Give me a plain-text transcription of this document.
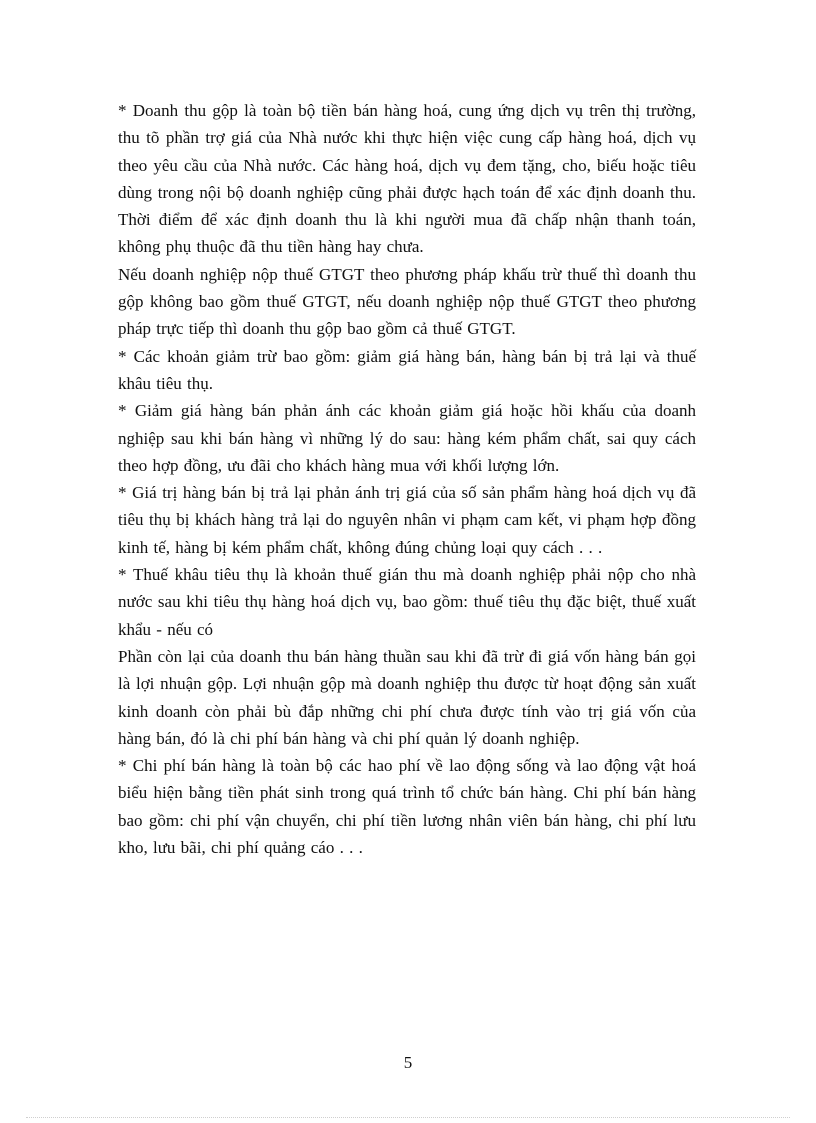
* Doanh thu gộp là toàn bộ tiền bán hàng hoá, cung ứng dịch vụ trên thị trường, thu tõ phần trợ giá của Nhà nước khi thực hiện việc cung cấp hàng hoá, dịch vụ theo yêu cầu của Nhà nước. Các hàng hoá, dịch vụ đem tặng, cho, biếu hoặc tiêu dùng trong nội bộ doanh nghiệp cũng phải được hạch toán để xác định doanh thu. Thời điểm để xác định doanh thu là khi người mua đã chấp nhận thanh toán, không phụ thuộc đã thu tiền hàng hay chưa.

Nếu doanh nghiệp nộp thuế GTGT theo phương pháp khấu trừ thuế thì doanh thu gộp không bao gồm thuế GTGT, nếu doanh nghiệp nộp thuế GTGT theo phương pháp trực tiếp thì doanh thu gộp bao gồm cả thuế GTGT.

* Các khoản giảm trừ bao gồm: giảm giá hàng bán, hàng bán bị trả lại và thuế khâu tiêu thụ.

* Giảm giá hàng bán phản ánh các khoản giảm giá hoặc hồi khấu của doanh nghiệp sau khi bán hàng vì những lý do sau: hàng kém phẩm chất, sai quy cách theo hợp đồng, ưu đãi cho khách hàng mua với khối lượng lớn.

* Giá trị hàng bán bị trả lại phản ánh trị giá của số sản phẩm hàng hoá dịch vụ đã tiêu thụ bị khách hàng trả lại do nguyên nhân vi phạm cam kết, vi phạm hợp đồng kinh tế, hàng bị kém phẩm chất, không đúng chủng loại quy cách . . .

* Thuế khâu tiêu thụ là khoản thuế gián thu mà doanh nghiệp phải nộp cho nhà nước sau khi tiêu thụ hàng hoá dịch vụ, bao gồm: thuế tiêu thụ đặc biệt, thuế xuất khẩu - nếu có

Phần còn lại của doanh thu bán hàng thuần sau khi đã trừ đi giá vốn hàng bán gọi là lợi nhuận gộp. Lợi nhuận gộp mà doanh nghiệp thu được từ hoạt động sản xuất kinh doanh còn phải bù đắp những chi phí chưa được tính vào trị giá vốn của hàng bán, đó là chi phí bán hàng và chi phí quản lý doanh nghiệp.

* Chi phí bán hàng là toàn bộ các hao phí về lao động sống và lao động vật hoá biểu hiện bằng tiền phát sinh trong quá trình tổ chức bán hàng. Chi phí bán hàng bao gồm: chi phí vận chuyển, chi phí tiền lương nhân viên bán hàng, chi phí lưu kho, lưu bãi, chi phí quảng cáo . . .

5
